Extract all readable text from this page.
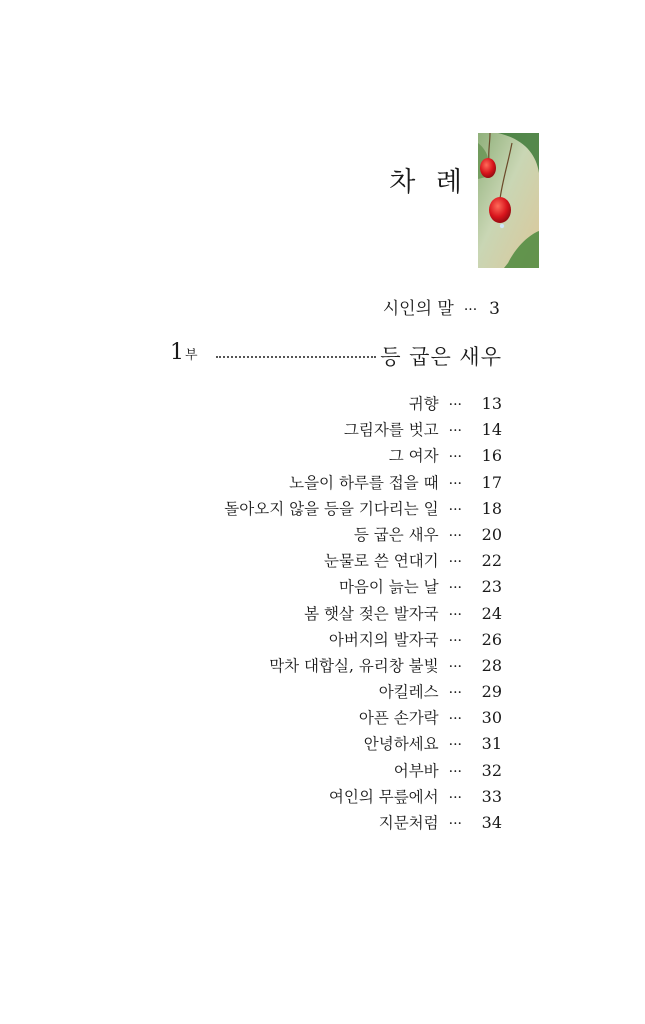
차 례
시인의 말 ··· 3
1부	등 굽은 새우
귀향 ··· 13
그림자를 벗고 ··· 14
그 여자 ··· 16
노을이 하루를 접을 때 ··· 17
돌아오지 않을 등을 기다리는 일 ··· 18
등 굽은 새우 ··· 20
눈물로 쓴 연대기 ··· 22
마음이 늙는 날 ··· 23
봄 햇살 젖은 발자국 ··· 24
아버지의 발자국 ··· 26
막차 대합실, 유리창 불빛 ··· 28
아킬레스 ··· 29
아픈 손가락 ··· 30
안녕하세요 ··· 31
어부바 ··· 32
여인의 무릎에서 ··· 33
지문처럼 ··· 34
